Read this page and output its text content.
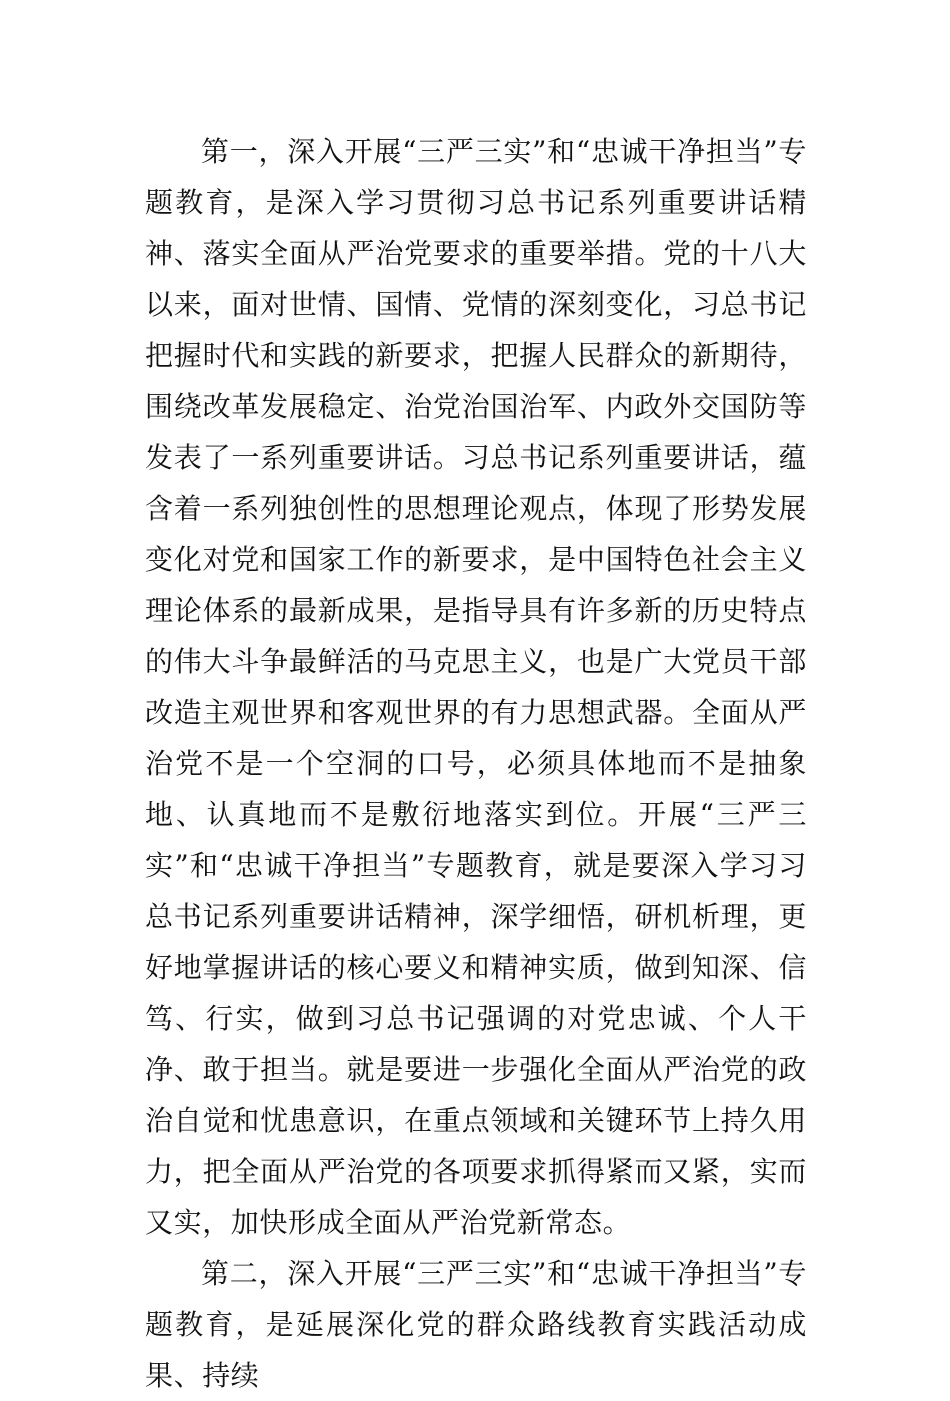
第一，深入开展“三严三实”和“忠诚干净担当”专题教育，是深入学习贯彻习总书记系列重要讲话精神、落实全面从严治党要求的重要举措。党的十八大以来，面对世情、国情、党情的深刻变化，习总书记把握时代和实践的新要求，把握人民群众的新期待，围绕改革发展稳定、治党治国治军、内政外交国防等发表了一系列重要讲话。习总书记系列重要讲话，蕴含着一系列独创性的思想理论观点，体现了形势发展变化对党和国家工作的新要求，是中国特色社会主义理论体系的最新成果，是指导具有许多新的历史特点的伟大斗争最鲜活的马克思主义，也是广大党员干部改造主观世界和客观世界的有力思想武器。全面从严治党不是一个空洞的口号，必须具体地而不是抽象地、认真地而不是敷衍地落实到位。开展“三严三实”和“忠诚干净担当”专题教育，就是要深入学习习总书记系列重要讲话精神，深学细悟，研机析理，更好地掌握讲话的核心要义和精神实质，做到知深、信笃、行实，做到习总书记强调的对党忠诚、个人干净、敢于担当。就是要进一步强化全面从严治党的政治自觉和忧患意识，在重点领域和关键环节上持久用力，把全面从严治党的各项要求抓得紧而又紧，实而又实，加快形成全面从严治党新常态。

第二，深入开展“三严三实”和“忠诚干净担当”专题教育，是延展深化党的群众路线教育实践活动成果、持续
